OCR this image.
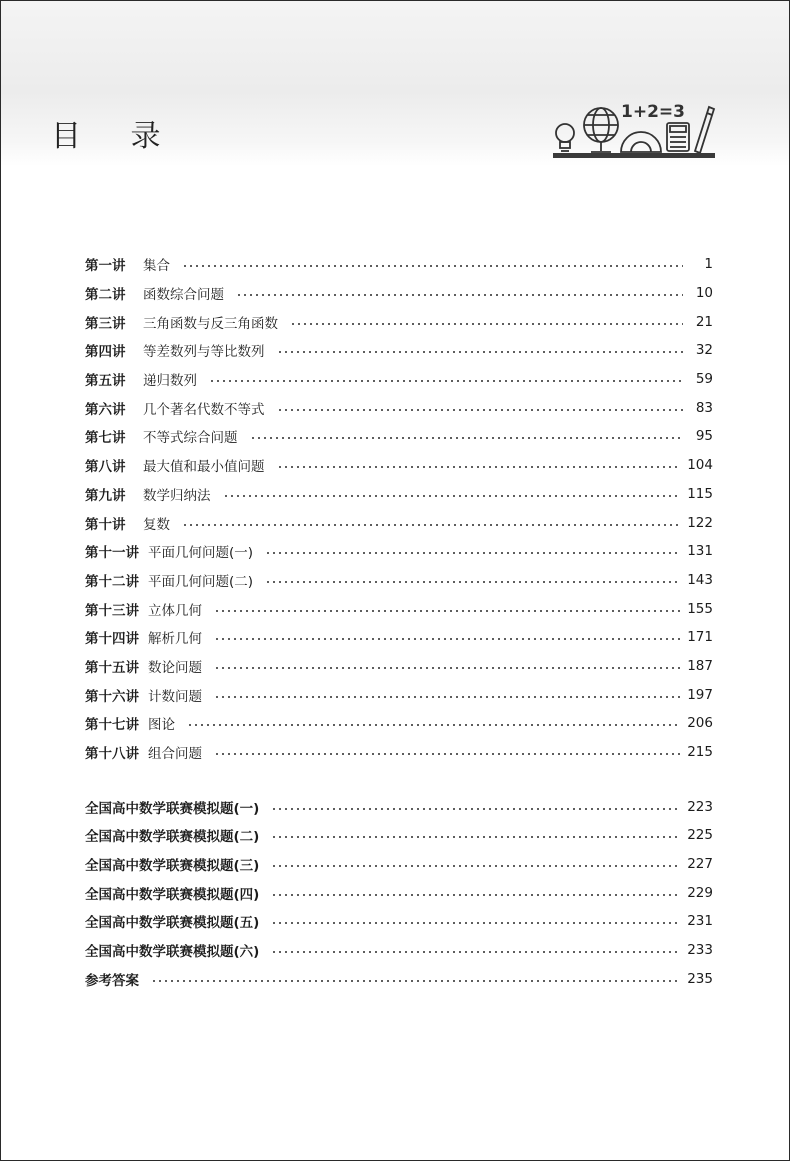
目 录
1+2=3
第一讲	集合	1
第二讲	函数综合问题	10
第三讲	三角函数与反三角函数	21
第四讲	等差数列与等比数列	32
第五讲	递归数列	59
第六讲	几个著名代数不等式	83
第七讲	不等式综合问题	95
第八讲	最大值和最小值问题	104
第九讲	数学归纳法	115
第十讲	复数	122
第十一讲 平面几何问题(一)	131
第十二讲 平面几何问题(二)	143
第十三讲 立体几何	155
第十四讲 解析几何	171
第十五讲 数论问题	187
第十六讲 计数问题	197
第十七讲 图论	206
第十八讲 组合问题	215
全国高中数学联赛模拟题(一)	223
全国高中数学联赛模拟题(二)	225
全国高中数学联赛模拟题(三)	227
全国高中数学联赛模拟题(四)	229
全国高中数学联赛模拟题(五)	231
全国高中数学联赛模拟题(六)	233
参考答案	235
